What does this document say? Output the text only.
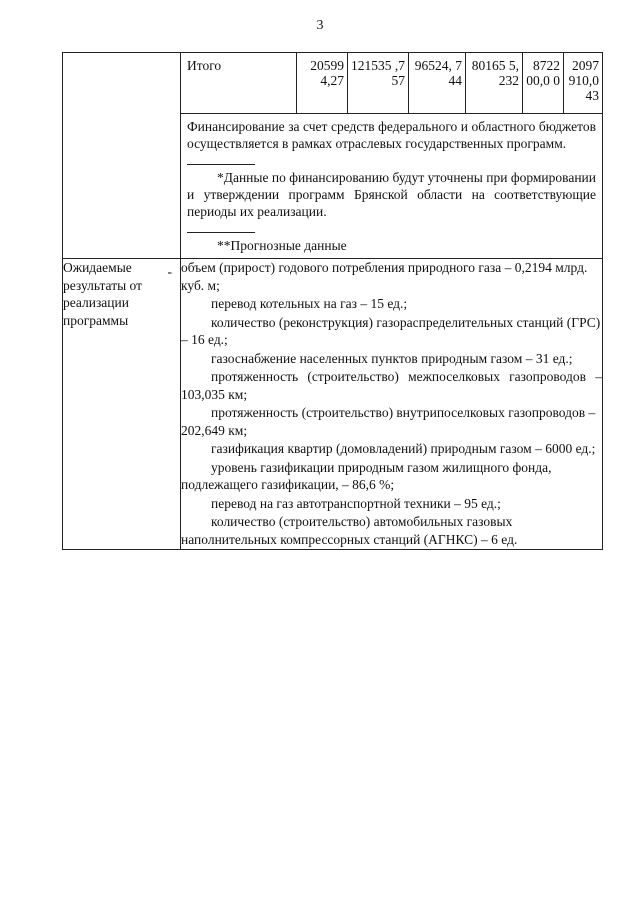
3

Итого	20599 4,27	121535 ,757	96524, 744	80165 5,232	8722 00,0 0	2097 910,0 43
Финансирование за счет средств федерального и областного бюджетов осуществляется в рамках отраслевых государственных программ.
*Данные по финансированию будут уточнены при формировании и утверждении программ Брянской области на соответствующие периоды их реализации.
**Прогнозные данные

Ожидаемые результаты от реализации программы
-	объем (прирост) годового потребления природного газа – 0,2194 млрд. куб. м;

перевод котельных на газ – 15 ед.;

количество (реконструкция) газораспределительных станций (ГРС) – 16 ед.;

газоснабжение населенных пунктов природным газом – 31 ед.;

протяженность (строительство) межпоселковых газопроводов – 103,035 км;

протяженность (строительство) внутрипоселковых газопроводов – 202,649 км;

газификация квартир (домовладений) природным газом – 6000 ед.;

уровень газификации природным газом жилищного фонда, подлежащего газификации, – 86,6 %;

перевод на газ автотранспортной техники – 95 ед.;

количество (строительство) автомобильных газовых наполнительных компрессорных станций (АГНКС) – 6 ед.
